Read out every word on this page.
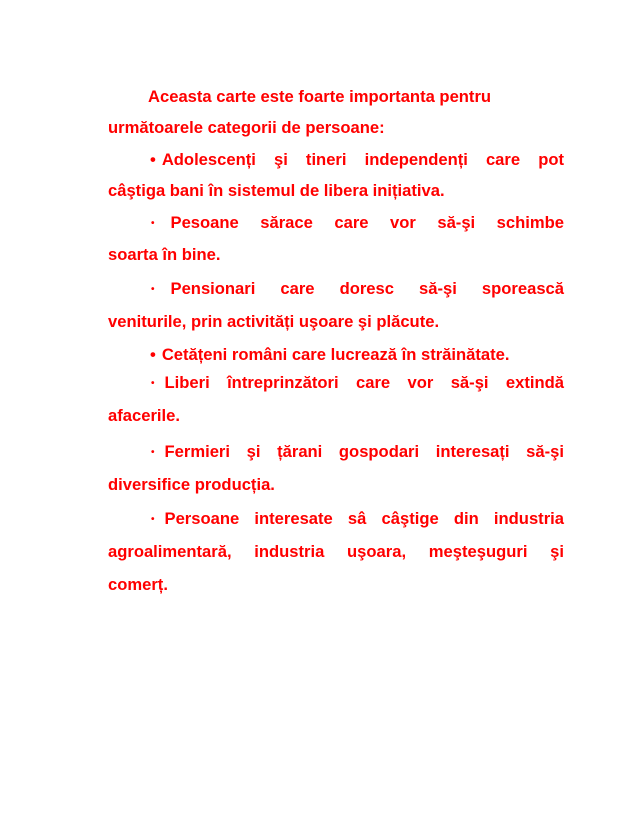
Aceasta carte este foarte importanta pentru
următoarele categorii de persoane:
• Adolescenți şi tineri independenți care pot
câştiga bani în sistemul de libera inițiativa.
• Pesoane sărace care vor să-şi schimbe
soarta în bine.
• Pensionari care doresc să-şi sporească
veniturile, prin activități uşoare şi plăcute.
• Cetățeni români care lucrează în străinătate.
• Liberi întreprinzători care vor să-şi extindă
afacerile.
• Fermieri şi țărani gospodari interesați să-şi
diversifice producția.
• Persoane interesate sâ câştige din industria
agroalimentară, industria uşoara, meşteşuguri şi
comerț.
